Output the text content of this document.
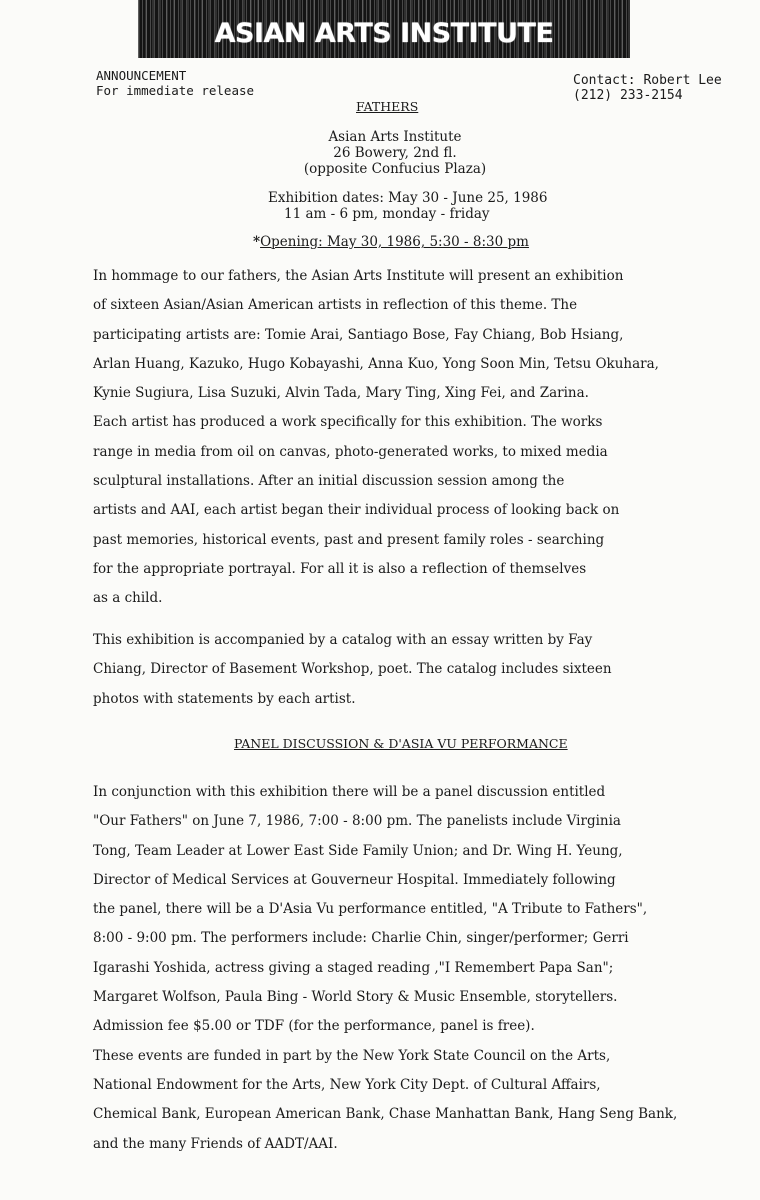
ASIAN ARTS INSTITUTE
ANNOUNCEMENT
For immediate release
Contact: Robert Lee
(212) 233-2154
FATHERS
Asian Arts Institute
26 Bowery, 2nd fl.
(opposite Confucius Plaza)
Exhibition dates: May 30 - June 25, 1986
11 am - 6 pm, monday - friday
*Opening: May 30, 1986, 5:30 - 8:30 pm
In hommage to our fathers, the Asian Arts Institute will present an exhibition
of sixteen Asian/Asian American artists in reflection of this theme. The
participating artists are: Tomie Arai, Santiago Bose, Fay Chiang, Bob Hsiang,
Arlan Huang, Kazuko, Hugo Kobayashi, Anna Kuo, Yong Soon Min, Tetsu Okuhara,
Kynie Sugiura, Lisa Suzuki, Alvin Tada, Mary Ting, Xing Fei, and Zarina.
Each artist has produced a work specifically for this exhibition. The works
range in media from oil on canvas, photo-generated works, to mixed media
sculptural installations. After an initial discussion session among the
artists and AAI, each artist began their individual process of looking back on
past memories, historical events, past and present family roles - searching
for the appropriate portrayal. For all it is also a reflection of themselves
as a child.
This exhibition is accompanied by a catalog with an essay written by Fay
Chiang, Director of Basement Workshop, poet. The catalog includes sixteen
photos with statements by each artist.
PANEL DISCUSSION & D'ASIA VU PERFORMANCE
In conjunction with this exhibition there will be a panel discussion entitled
"Our Fathers" on June 7, 1986, 7:00 - 8:00 pm. The panelists include Virginia
Tong, Team Leader at Lower East Side Family Union; and Dr. Wing H. Yeung,
Director of Medical Services at Gouverneur Hospital. Immediately following
the panel, there will be a D'Asia Vu performance entitled, "A Tribute to Fathers",
8:00 - 9:00 pm. The performers include: Charlie Chin, singer/performer; Gerri
Igarashi Yoshida, actress giving a staged reading ,"I Remembert Papa San";
Margaret Wolfson, Paula Bing - World Story & Music Ensemble, storytellers.
Admission fee $5.00 or TDF (for the performance, panel is free).
These events are funded in part by the New York State Council on the Arts,
National Endowment for the Arts, New York City Dept. of Cultural Affairs,
Chemical Bank, European American Bank, Chase Manhattan Bank, Hang Seng Bank,
and the many Friends of AADT/AAI.
